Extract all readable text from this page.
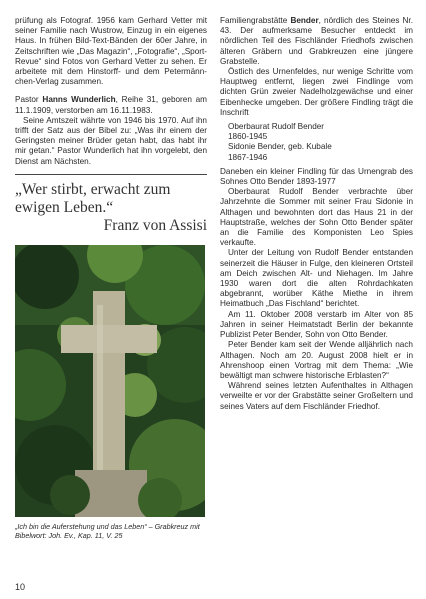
prüfung als Fotograf. 1956 kam Gerhard Vetter mit seiner Familie nach Wustrow, Einzug in ein eigenes Haus. In frühen Bild-Text-Bänden der 60er Jahre, in Zeitschriften wie „Das Magazin“, „Fotografie“, „Sport-Revue“ sind Fotos von Gerhard Vetter zu sehen. Er arbeitete mit dem Hinstorff- und dem Petermänn-chen-Verlag zusammen.

Pastor Hanns Wunderlich, Reihe 31, geboren am 11.1.1909, verstorben am 16.11.1983.

Seine Amtszeit währte von 1946 bis 1970. Auf ihn trifft der Satz aus der Bibel zu: „Was ihr einem der Geringsten meiner Brüder getan habt, das habt ihr mir getan.“ Pastor Wunderlich hat ihn vorgelebt, den Dienst am Nächsten.

„Wer stirbt, erwacht zum ewigen Leben.“
Franz von Assisi
„Ich bin die Auferstehung und das Leben“ – Grabkreuz mit Bibelwort: Joh. Ev., Kap. 11, V. 25

Familiengrabstätte Bender, nördlich des Steines Nr. 43. Der aufmerksame Besucher entdeckt im nördlichen Teil des Fischländer Friedhofs zwischen älteren Gräbern und Grabkreuzen eine jüngere Grabstelle.

Östlich des Urnenfeldes, nur wenige Schritte vom Hauptweg entfernt, liegen zwei Findlinge vom dichten Grün zweier Nadelholzgewächse und einer Eibenhecke umgeben. Der größere Findling trägt die Inschrift

Oberbaurat Rudolf Bender
1860-1945
Sidonie Bender, geb. Kubale
1867-1946

Daneben ein kleiner Findling für das Urnengrab des Sohnes Otto Bender 1893-1977

Oberbaurat Rudolf Bender verbrachte über Jahrzehnte die Sommer mit seiner Frau Sidonie in Althagen und bewohnten dort das Haus 21 in der Hauptstraße, welches der Sohn Otto Bender später an die Familie des Komponisten Leo Spies verkaufte.

Unter der Leitung von Rudolf Bender entstanden seinerzeit die Häuser in Fulge, den kleineren Ortsteil am Deich zwischen Alt- und Niehagen. Im Jahre 1930 waren dort die alten Rohrdachkaten abgebrannt, worüber Käthe Miethe in ihrem Heimatbuch „Das Fischland“ berichtet.

Am 11. Oktober 2008 verstarb im Alter von 85 Jahren in seiner Heimatstadt Berlin der bekannte Publizist Peter Bender, Sohn von Otto Bender.

Peter Bender kam seit der Wende alljährlich nach Althagen. Noch am 20. August 2008 hielt er in Ahrenshoop einen Vortrag mit dem Thema: „Wie bewältigt man schwere historische Erblasten?“

Während seines letzten Aufenthaltes in Althagen verweilte er vor der Grabstätte seiner Großeltern und seines Vaters auf dem Fischländer Friedhof.

10
